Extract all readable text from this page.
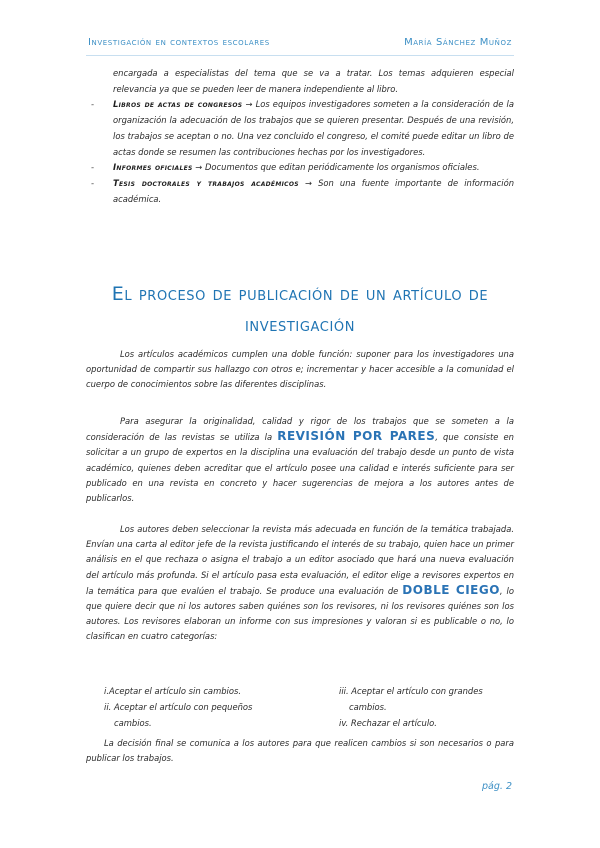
Investigación en contextos escolares	María Sánchez Muñoz
encargada a especialistas del tema que se va a tratar. Los temas adquieren especial relevancia ya que se pueden leer de manera independiente al libro.
- Libros de actas de congresos → Los equipos investigadores someten a la consideración de la organización la adecuación de los trabajos que se quieren presentar. Después de una revisión, los trabajos se aceptan o no. Una vez concluido el congreso, el comité puede editar un libro de actas donde se resumen las contribuciones hechas por los investigadores.
- Informes oficiales → Documentos que editan periódicamente los organismos oficiales.
- Tesis doctorales y trabajos académicos → Son una fuente importante de información académica.
El proceso de publicación de un artículo de investigación
Los artículos académicos cumplen una doble función: suponer para los investigadores una oportunidad de compartir sus hallazgo con otros e; incrementar y hacer accesible a la comunidad el cuerpo de conocimientos sobre las diferentes disciplinas.
Para asegurar la originalidad, calidad y rigor de los trabajos que se someten a la consideración de las revistas se utiliza la REVISIÓN POR PARES, que consiste en solicitar a un grupo de expertos en la disciplina una evaluación del trabajo desde un punto de vista académico, quienes deben acreditar que el artículo posee una calidad e interés suficiente para ser publicado en una revista en concreto y hacer sugerencias de mejora a los autores antes de publicarlos.
Los autores deben seleccionar la revista más adecuada en función de la temática trabajada. Envían una carta al editor jefe de la revista justificando el interés de su trabajo, quien hace un primer análisis en el que rechaza o asigna el trabajo a un editor asociado que hará una nueva evaluación del artículo más profunda. Si el artículo pasa esta evaluación, el editor elige a revisores expertos en la temática para que evalúen el trabajo. Se produce una evaluación de DOBLE CIEGO, lo que quiere decir que ni los autores saben quiénes son los revisores, ni los revisores quiénes son los autores. Los revisores elaboran un informe con sus impresiones y valoran si es publicable o no, lo clasifican en cuatro categorías:
i.Aceptar el artículo sin cambios.
ii. Aceptar el artículo con pequeños
cambios.
iii. Aceptar el artículo con grandes
cambios.
iv. Rechazar el artículo.
La decisión final se comunica a los autores para que realicen cambios si son necesarios o para publicar los trabajos.
pág. 2
